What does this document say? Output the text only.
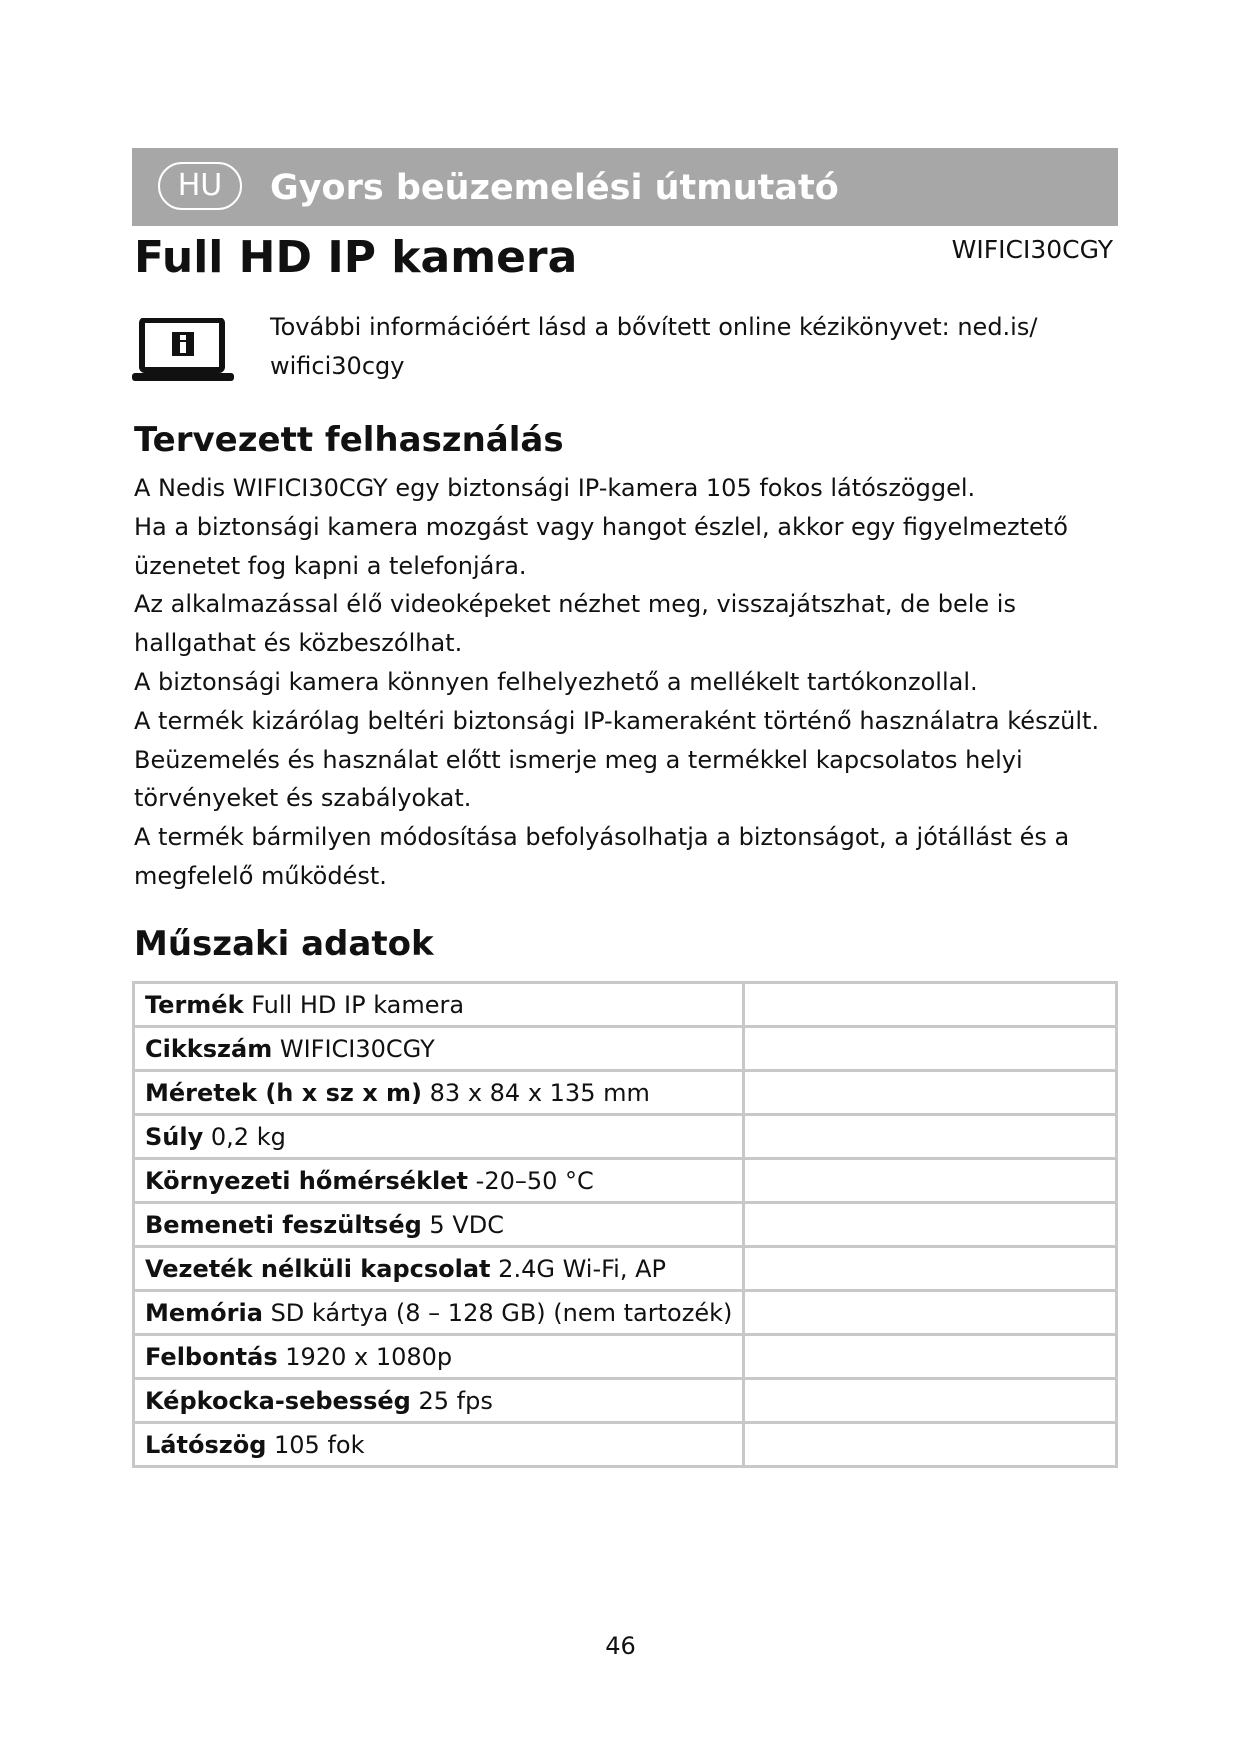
HU	Gyors beüzemelési útmutató
Full HD IP kamera	WIFICI30CGY
További információért lásd a bővített online kézikönyvet: ned.is/
wifici30cgy
Tervezett felhasználás

A Nedis WIFICI30CGY egy biztonsági IP-kamera 105 fokos látószöggel.

Ha a biztonsági kamera mozgást vagy hangot észlel, akkor egy figyelmeztető üzenetet fog kapni a telefonjára.

Az alkalmazással élő videoképeket nézhet meg, visszajátszhat, de bele is hallgathat és közbeszólhat.

A biztonsági kamera könnyen felhelyezhető a mellékelt tartókonzollal.

A termék kizárólag beltéri biztonsági IP-kameraként történő használatra készült.

Beüzemelés és használat előtt ismerje meg a termékkel kapcsolatos helyi törvényeket és szabályokat.

A termék bármilyen módosítása befolyásolhatja a biztonságot, a jótállást és a megfelelő működést.

Műszaki adatok
Termék Full HD IP kamera	
Cikkszám WIFICI30CGY	
Méretek (h x sz x m) 83 x 84 x 135 mm	
Súly 0,2 kg	
Környezeti hőmérséklet -20–50 °C	
Bemeneti feszültség 5 VDC	
Vezeték nélküli kapcsolat 2.4G Wi-Fi, AP	
Memória SD kártya (8 – 128 GB) (nem tartozék)	
Felbontás 1920 x 1080p	
Képkocka-sebesség 25 fps	
Látószög 105 fok	
46
